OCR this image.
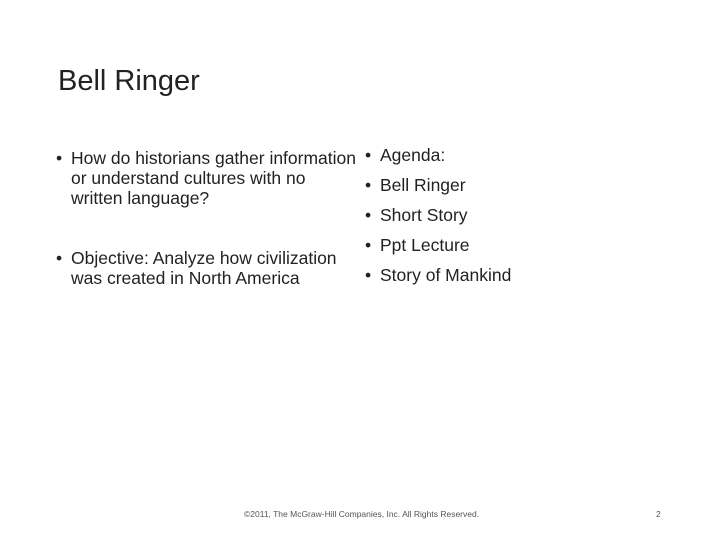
Bell Ringer
• How do historians gather information or understand cultures with no written language?
• Objective: Analyze how civilization was created in North America
• Agenda:
• Bell Ringer
• Short Story
• Ppt Lecture
• Story of Mankind
©2011, The McGraw-Hill Companies, Inc. All Rights Reserved.	2
